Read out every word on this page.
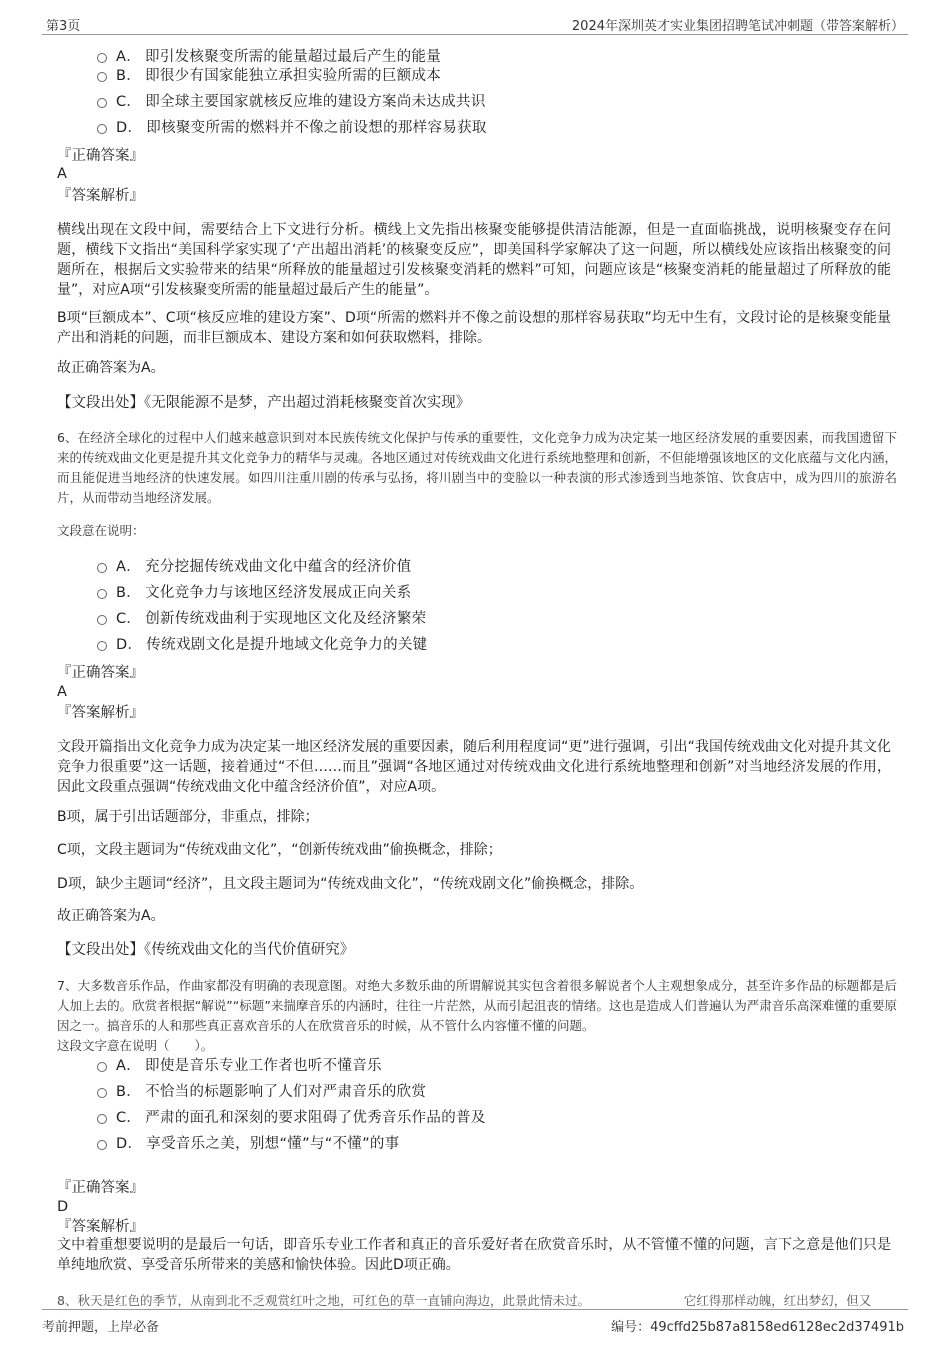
第3页	2024年深圳英才实业集团招聘笔试冲刺题（带答案解析）
A． 即引发核聚变所需的能量超过最后产生的能量
B． 即很少有国家能独立承担实验所需的巨额成本
C． 即全球主要国家就核反应堆的建设方案尚未达成共识
D． 即核聚变所需的燃料并不像之前设想的那样容易获取
『正确答案』
A
『答案解析』
横线出现在文段中间，需要结合上下文进行分析。横线上文先指出核聚变能够提供清洁能源，但是一直面临挑战，说明核聚变存在问题，横线下文指出“美国科学家实现了‘产出超出消耗’的核聚变反应”，即美国科学家解决了这一问题，所以横线处应该指出核聚变的问题所在，根据后文实验带来的结果“所释放的能量超过引发核聚变消耗的燃料”可知，问题应该是“核聚变消耗的能量超过了所释放的能量”，对应A项“引发核聚变所需的能量超过最后产生的能量”。
B项“巨额成本”、C项“核反应堆的建设方案”、D项“所需的燃料并不像之前设想的那样容易获取”均无中生有，文段讨论的是核聚变能量产出和消耗的问题，而非巨额成本、建设方案和如何获取燃料，排除。
故正确答案为A。
【文段出处】《无限能源不是梦，产出超过消耗核聚变首次实现》
6、在经济全球化的过程中人们越来越意识到对本民族传统文化保护与传承的重要性，文化竞争力成为决定某一地区经济发展的重要因素，而我国遗留下来的传统戏曲文化更是提升其文化竞争力的精华与灵魂。各地区通过对传统戏曲文化进行系统地整理和创新，不但能增强该地区的文化底蕴与文化内涵，而且能促进当地经济的快速发展。如四川注重川剧的传承与弘扬，将川剧当中的变脸以一种表演的形式渗透到当地茶馆、饮食店中，成为四川的旅游名片，从而带动当地经济发展。
文段意在说明：
A． 充分挖掘传统戏曲文化中蕴含的经济价值
B． 文化竞争力与该地区经济发展成正向关系
C． 创新传统戏曲利于实现地区文化及经济繁荣
D． 传统戏剧文化是提升地域文化竞争力的关键
『正确答案』
A
『答案解析』
文段开篇指出文化竞争力成为决定某一地区经济发展的重要因素，随后利用程度词“更”进行强调，引出“我国传统戏曲文化对提升其文化竞争力很重要”这一话题，接着通过“不但……而且”强调“各地区通过对传统戏曲文化进行系统地整理和创新”对当地经济发展的作用，因此文段重点强调“传统戏曲文化中蕴含经济价值”，对应A项。
B项，属于引出话题部分，非重点，排除；
C项，文段主题词为“传统戏曲文化”，“创新传统戏曲”偷换概念，排除；
D项，缺少主题词“经济”，且文段主题词为“传统戏曲文化”，“传统戏剧文化”偷换概念，排除。
故正确答案为A。
【文段出处】《传统戏曲文化的当代价值研究》
7、大多数音乐作品，作曲家都没有明确的表现意图。对绝大多数乐曲的所谓解说其实包含着很多解说者个人主观想象成分，甚至许多作品的标题都是后人加上去的。欣赏者根据“解说”“标题”来揣摩音乐的内涵时，往往一片茫然，从而引起沮丧的情绪。这也是造成人们普遍认为严肃音乐高深难懂的重要原因之一。搞音乐的人和那些真正喜欢音乐的人在欣赏音乐的时候，从不管什么内容懂不懂的问题。
这段文字意在说明（　　）。
A． 即使是音乐专业工作者也听不懂音乐
B． 不恰当的标题影响了人们对严肃音乐的欣赏
C． 严肃的面孔和深刻的要求阻碍了优秀音乐作品的普及
D． 享受音乐之美，别想“懂”与“不懂”的事
『正确答案』
D
『答案解析』
文中着重想要说明的是最后一句话，即音乐专业工作者和真正的音乐爱好者在欣赏音乐时，从不管懂不懂的问题，言下之意是他们只是单纯地欣赏、享受音乐所带来的美感和愉快体验。因此D项正确。
8、秋天是红色的季节，从南到北不乏观赏红叶之地，可红色的草一直铺向海边，此景此情未过。　　　　　　　　它红得那样动魄，红出梦幻，但又
考前押题，上岸必备	编号：49cffd25b87a8158ed6128ec2d37491b
